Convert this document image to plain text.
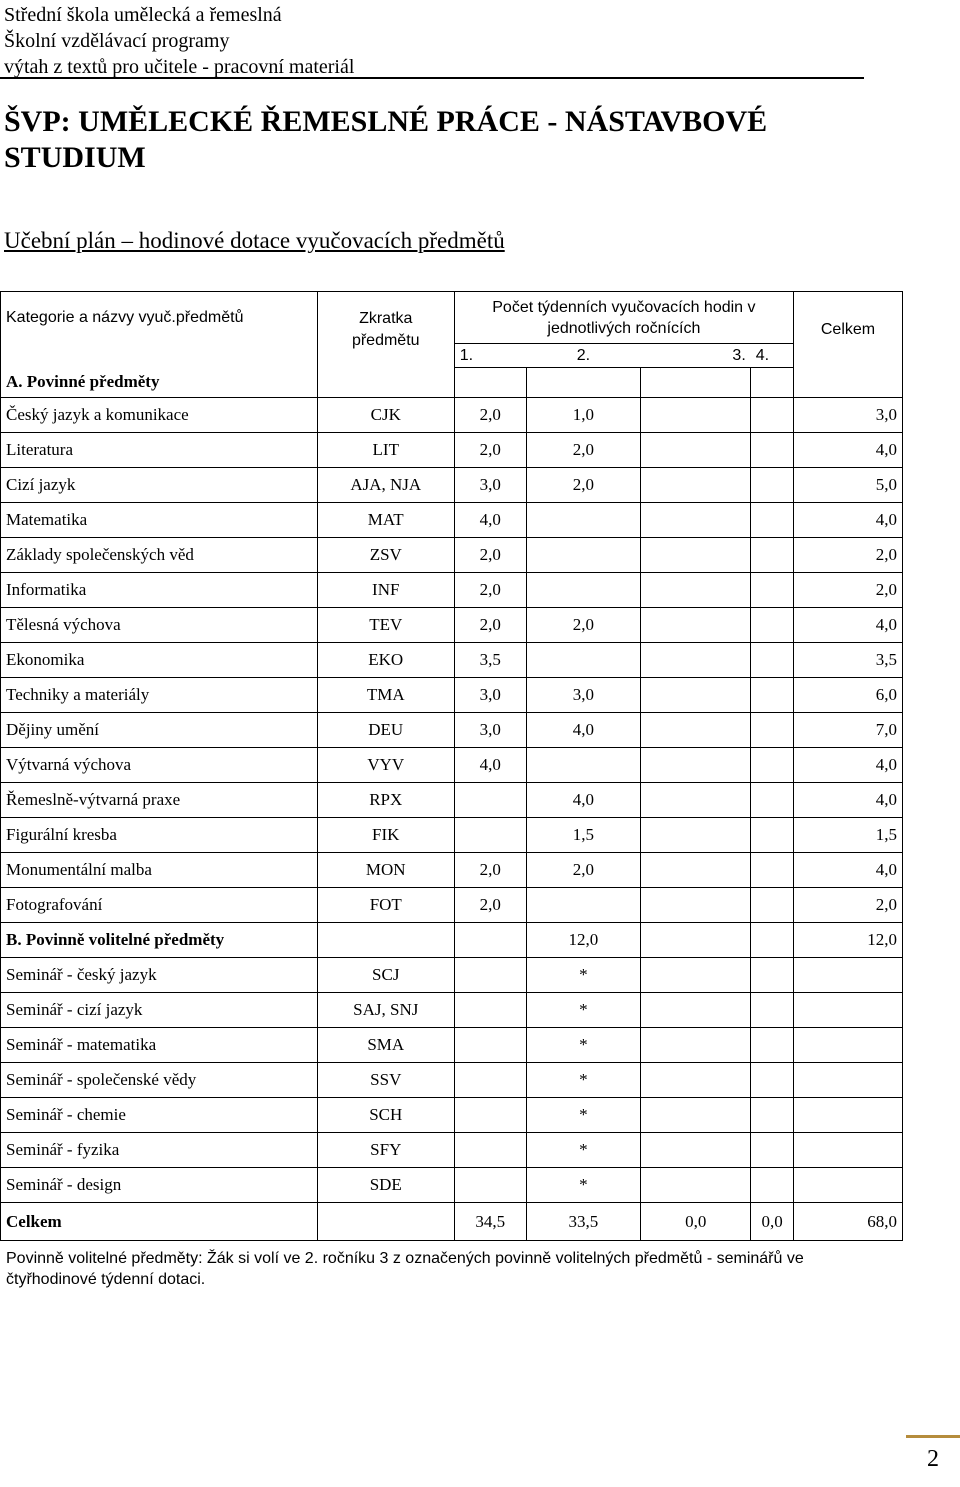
Střední škola umělecká a řemeslná
Školní vzdělávací programy
výtah z textů pro učitele - pracovní materiál
ŠVP: UMĚLECKÉ ŘEMESLNÉ PRÁCE - NÁSTAVBOVÉ STUDIUM
Učební plán – hodinové dotace vyučovacích předmětů
Kategorie a názvy vyuč.předmětů	Zkratka předmětu	Počet týdenních vyučovacích hodin v jednotlivých ročnících				Celkem
		1.	2.	3.	4.	
A. Povinné předměty						
Český jazyk a komunikace	CJK	2,0	1,0			3,0
Literatura	LIT	2,0	2,0			4,0
Cizí jazyk	AJA, NJA	3,0	2,0			5,0
Matematika	MAT	4,0				4,0
Základy společenských věd	ZSV	2,0				2,0
Informatika	INF	2,0				2,0
Tělesná výchova	TEV	2,0	2,0			4,0
Ekonomika	EKO	3,5				3,5
Techniky a materiály	TMA	3,0	3,0			6,0
Dějiny umění	DEU	3,0	4,0			7,0
Výtvarná výchova	VYV	4,0				4,0
Řemeslně-výtvarná praxe	RPX		4,0			4,0
Figurální kresba	FIK		1,5			1,5
Monumentální malba	MON	2,0	2,0			4,0
Fotografování	FOT	2,0				2,0
B. Povinně volitelné předměty			12,0			12,0
Seminář - český jazyk	SCJ		*			
Seminář - cizí jazyk	SAJ, SNJ		*			
Seminář - matematika	SMA		*			
Seminář - společenské vědy	SSV		*			
Seminář - chemie	SCH		*			
Seminář - fyzika	SFY		*			
Seminář - design	SDE		*			
Celkem		34,5	33,5	0,0	0,0	68,0
Povinně volitelné předměty: Žák si volí ve 2. ročníku 3 z označených povinně volitelných předmětů - seminářů ve čtyřhodinové týdenní dotaci.
2
